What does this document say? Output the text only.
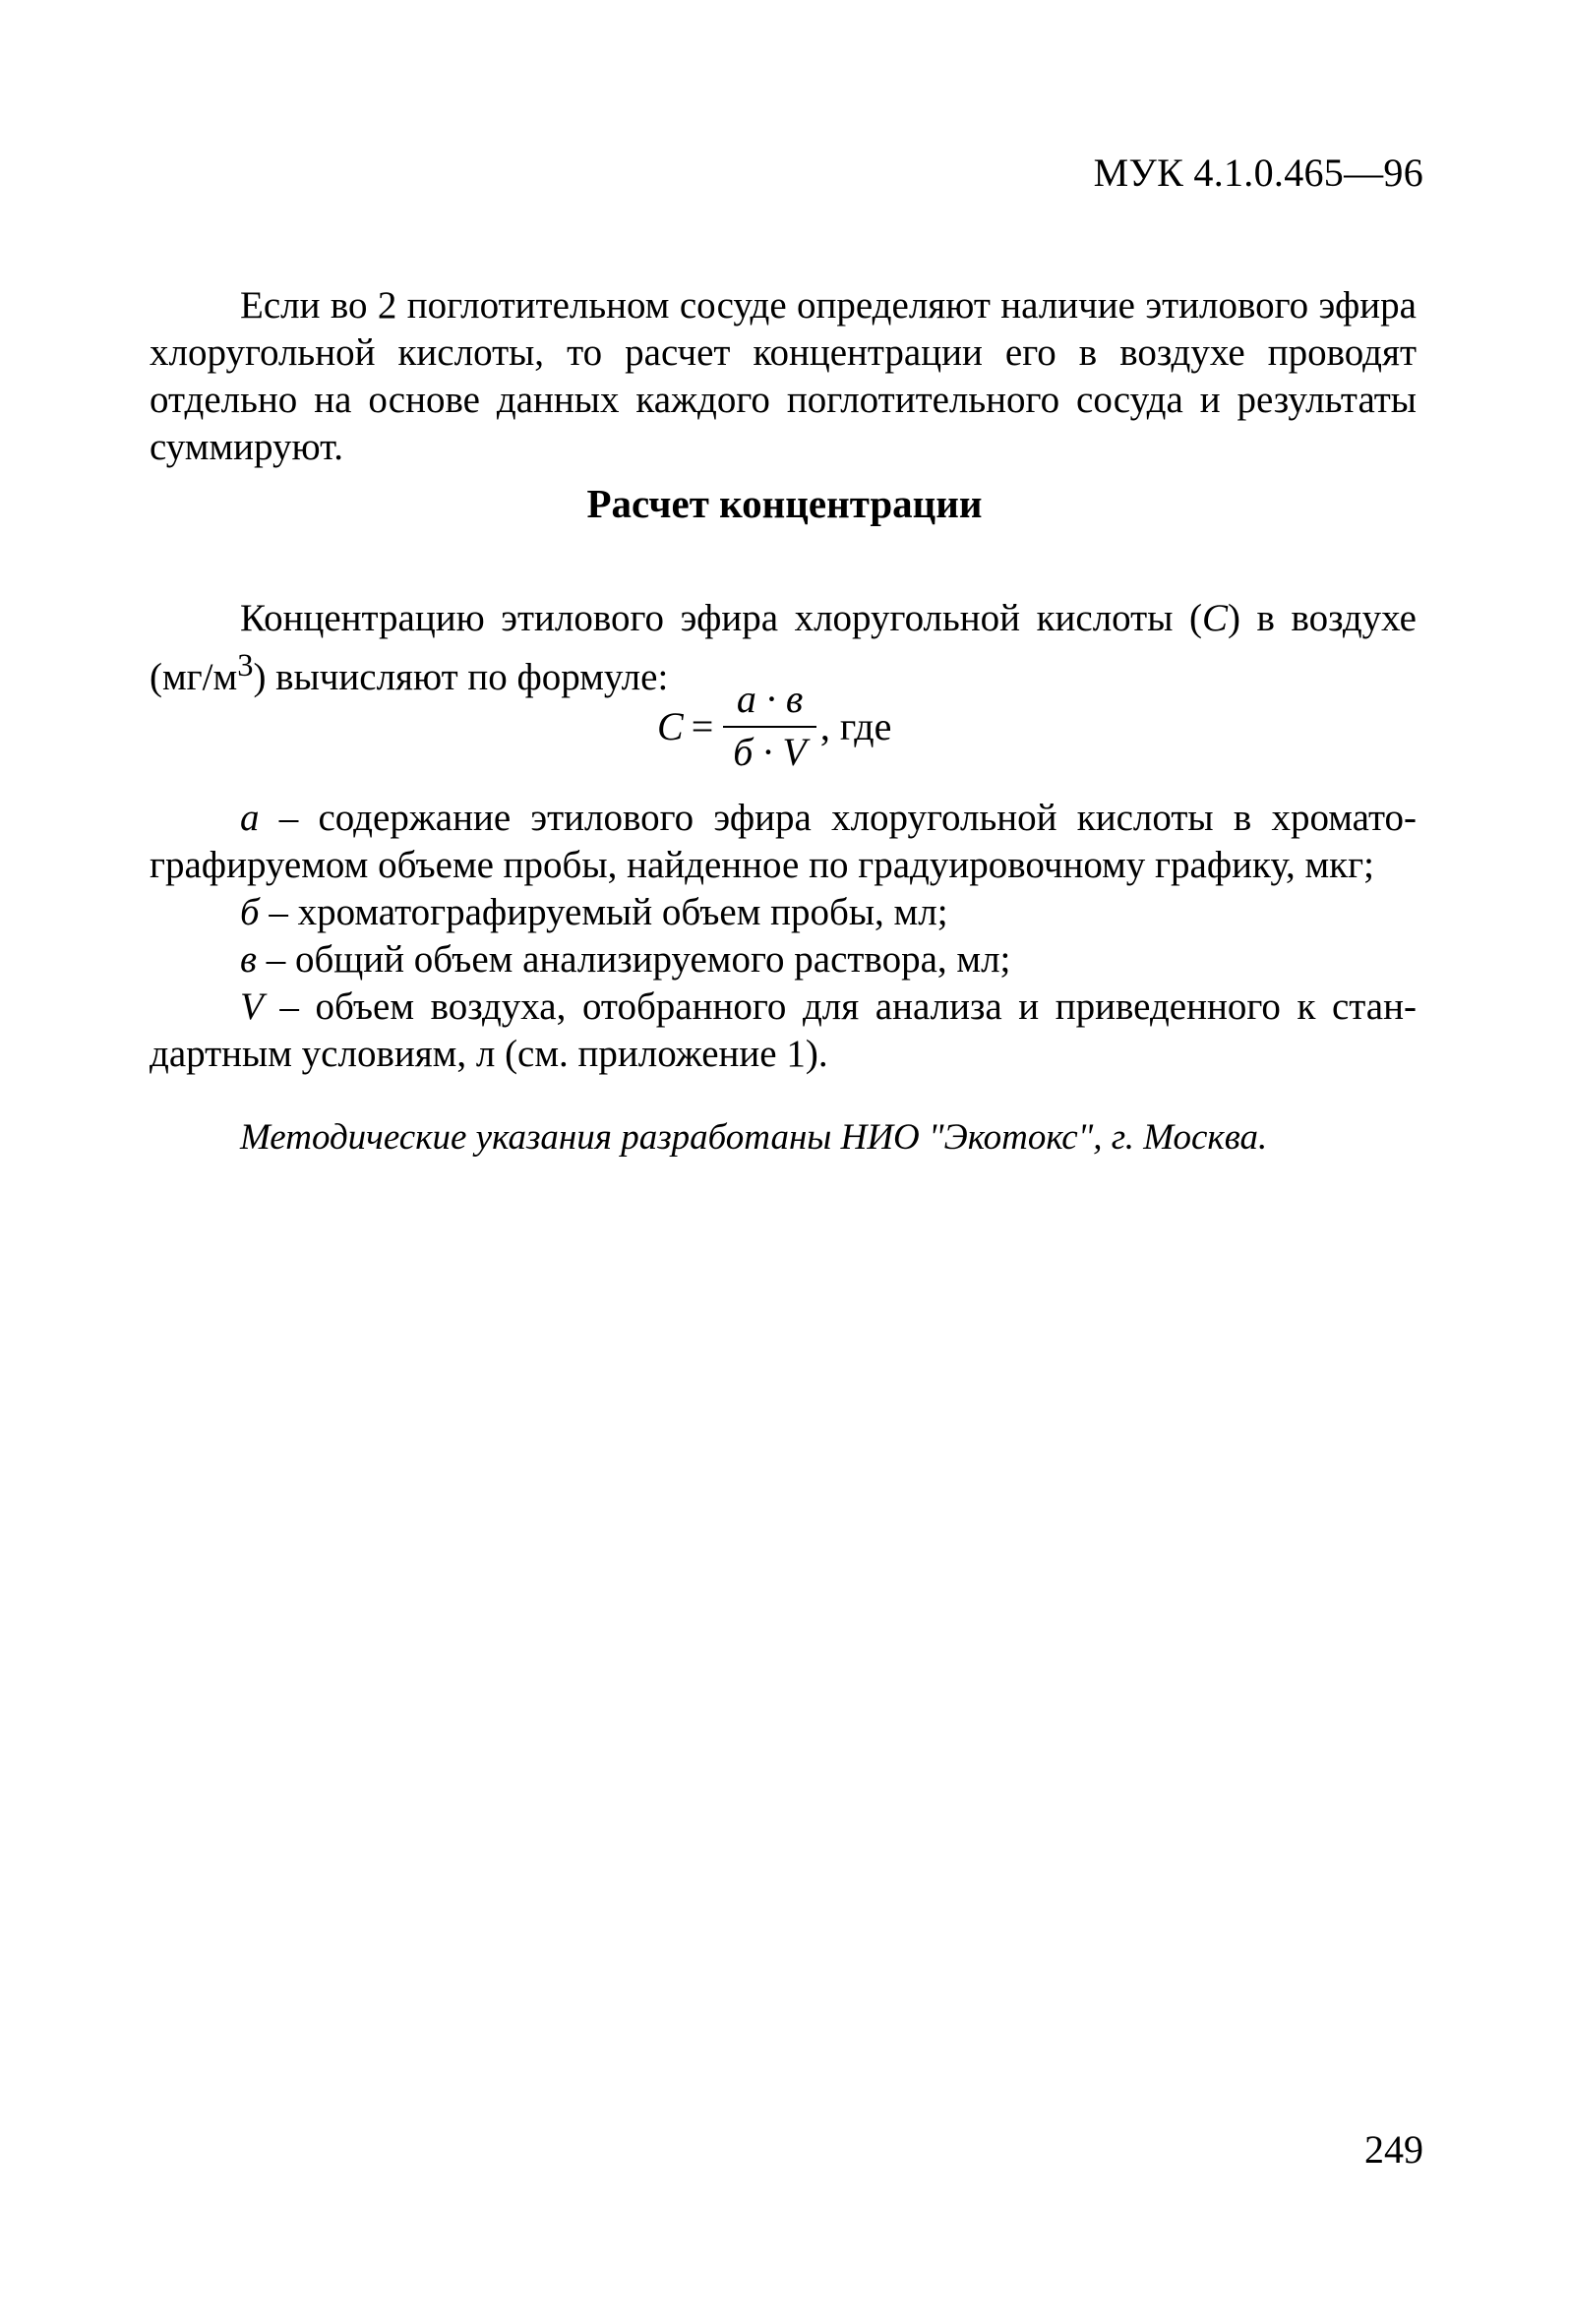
МУК 4.1.0.465—96

Если во 2 поглотительном сосуде определяют наличие этилового эфира хлоругольной кислоты, то расчет концентрации его в воздухе проводят отдельно на основе данных каждого поглотительного сосуда и результаты суммируют.

Расчет концентрации

Концентрацию этилового эфира хлоругольной кислоты (С) в воздухе $(мг/м^3)$ вычисляют по формуле:

$С = \frac{а \cdot в}{б \cdot V}$ , где

а – содержание этилового эфира хлоругольной кислоты в хроматографируемом объеме пробы, найденное по градуировочному графику, мкг;

б – хроматографируемый объем пробы, мл;

в – общий объем анализируемого раствора, мл;

V – объем воздуха, отобранного для анализа и приведенного к стандартным условиям, л (см. приложение 1).

Методические указания разработаны НИО "Экотокс", г. Москва.
249
